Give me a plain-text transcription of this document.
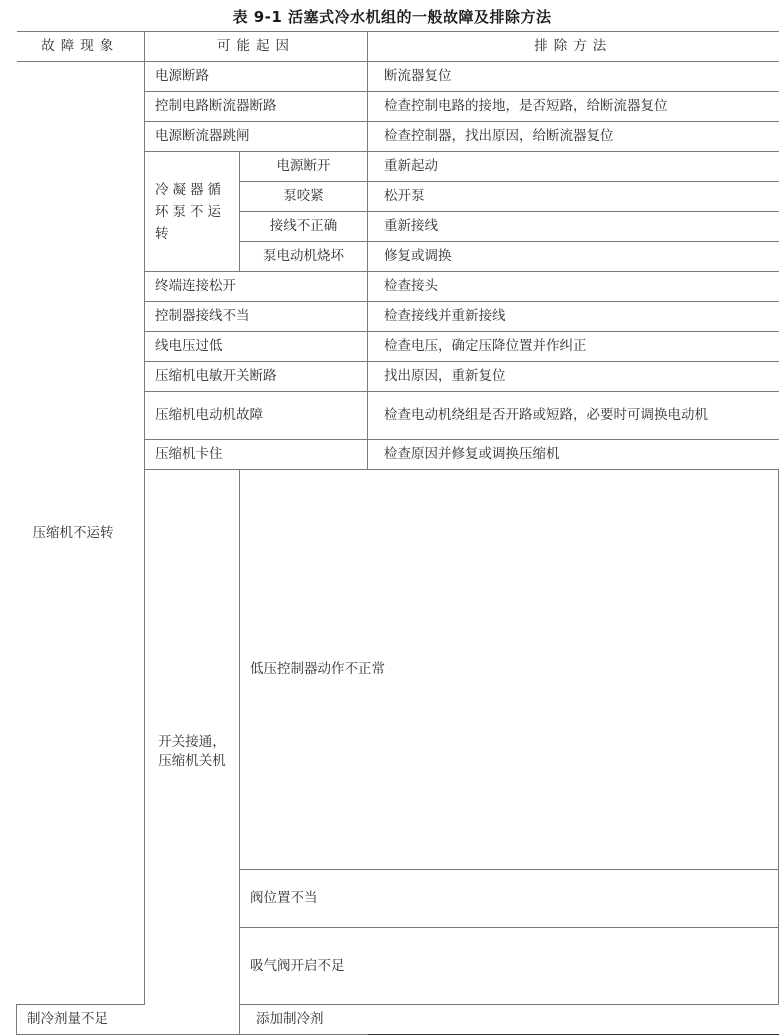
表 9-1 活塞式冷水机组的一般故障及排除方法
故障现象	可能起因		排除方法	
压缩机不运转	电源断路		断流器复位	
	控制电路断流器断路		检查控制电路的接地，是否短路，给断流器复位	
	电源断流器跳闸		检查控制器，找出原因，给断流器复位	
	冷凝器循环泵不运转	电源断开	重新起动	
		泵咬紧	松开泵	
		接线不正确	重新接线	
		泵电动机烧坏	修复或调换	
	终端连接松开		检查接头	
	控制器接线不当		检查接线并重新接线	
	线电压过低		检查电压，确定压降位置并作纠正	
	压缩机电敏开关断路		找出原因，重新复位	
	压缩机电动机故障		检查电动机绕组是否开路或短路，必要时可调换电动机	
	压缩机卡住		检查原因并修复或调换压缩机	
	开关接通，压缩机关机	低压控制器动作不正常	
		阀位置不当	
		吸气阀开启不足	
制冷剂量不足		添加制冷剂		
